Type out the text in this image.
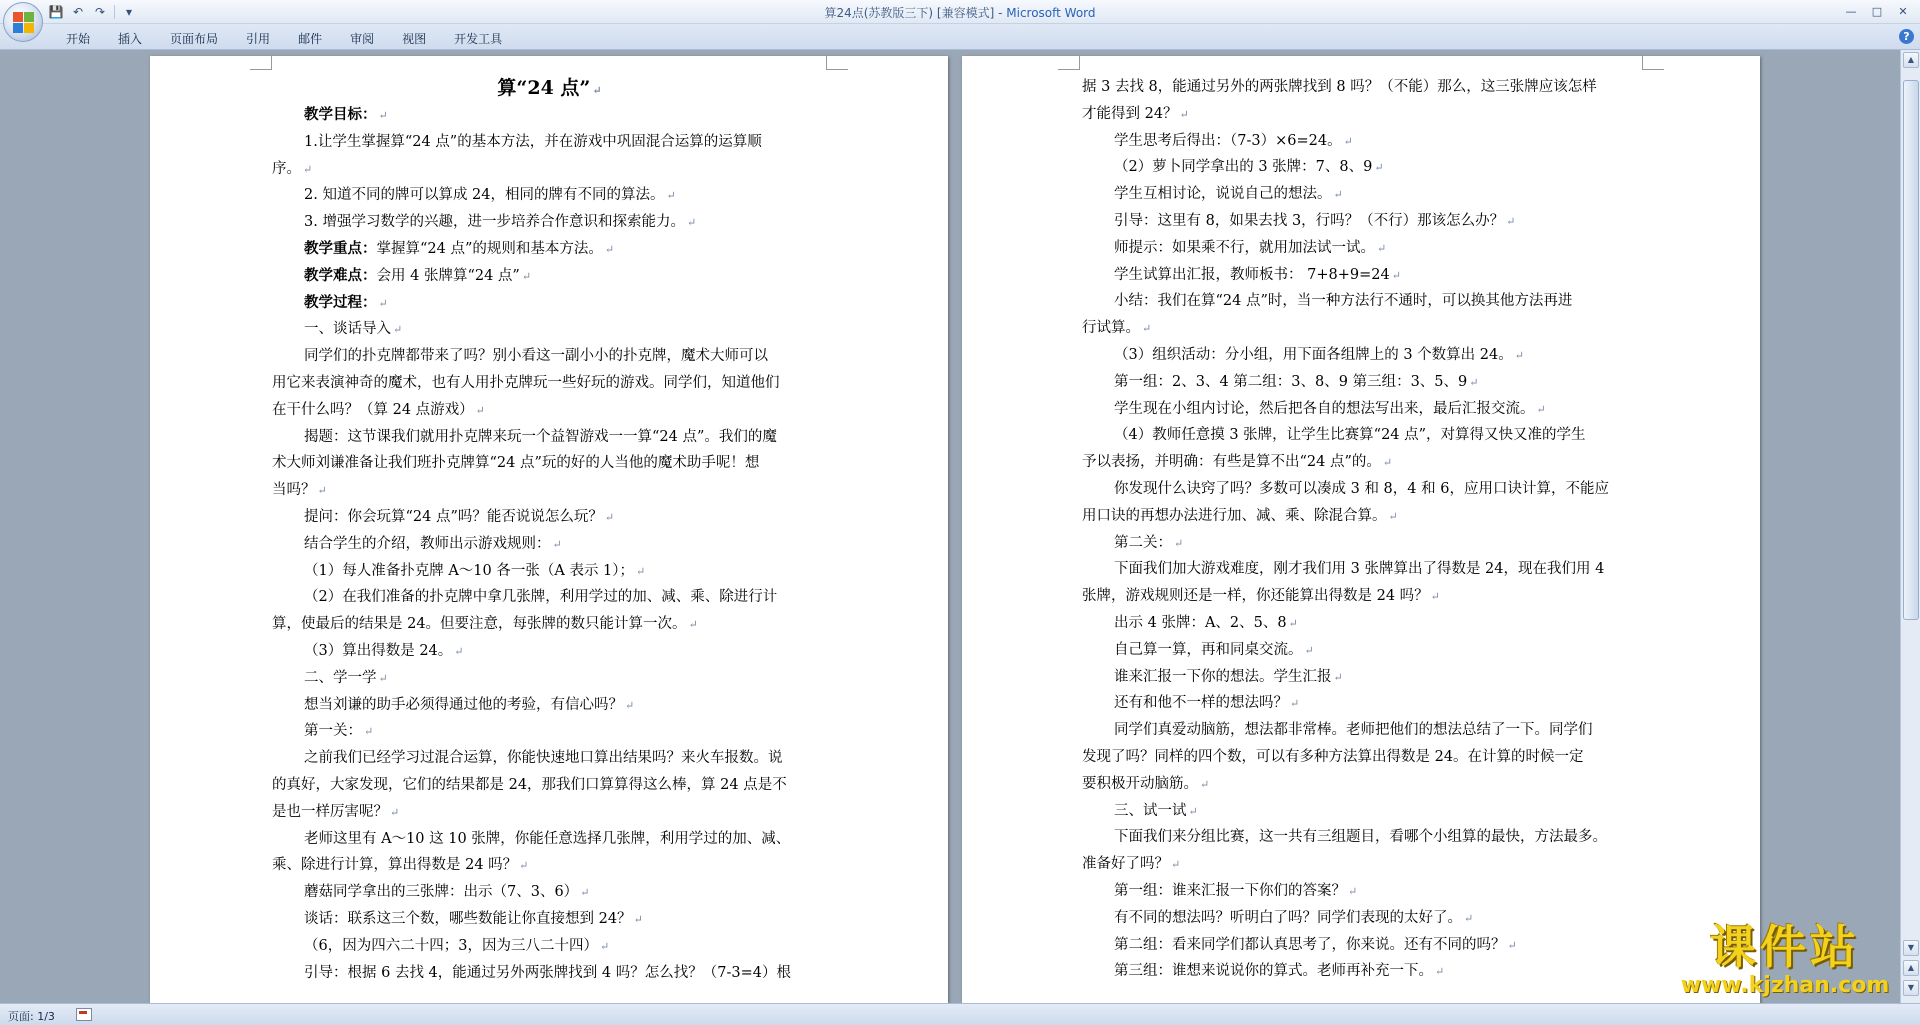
💾 ↶ ↷	▾	算24点(苏教版三下) [兼容模式] - Microsoft Word	—	□	✕
开始	插入	页面布局	引用	邮件	审阅	视图	开发工具	?
算“24 点” ↵
教学目标： ↵
1.让学生掌握算“24 点”的基本方法，并在游戏中巩固混合运算的运算顺
序。 ↵
2. 知道不同的牌可以算成 24，相同的牌有不同的算法。 ↵
3. 增强学习数学的兴趣，进一步培养合作意识和探索能力。 ↵
教学重点：掌握算“24 点”的规则和基本方法。 ↵
教学难点：会用 4 张牌算“24 点” ↵
教学过程： ↵
一、谈话导入 ↵
同学们的扑克牌都带来了吗？别小看这一副小小的扑克牌，魔术大师可以
用它来表演神奇的魔术，也有人用扑克牌玩一些好玩的游戏。同学们，知道他们
在干什么吗？（算 24 点游戏） ↵
揭题：这节课我们就用扑克牌来玩一个益智游戏一一算“24 点”。我们的魔
术大师刘谦准备让我们班扑克牌算“24 点”玩的好的人当他的魔术助手呢！想
当吗？ ↵
提问：你会玩算“24 点”吗？能否说说怎么玩？ ↵
结合学生的介绍，教师出示游戏规则： ↵
（1）每人准备扑克牌 A～10 各一张（A 表示 1）； ↵
（2）在我们准备的扑克牌中拿几张牌，利用学过的加、减、乘、除进行计
算，使最后的结果是 24。但要注意，每张牌的数只能计算一次。 ↵
（3）算出得数是 24。 ↵
二、学一学 ↵
想当刘谦的助手必须得通过他的考验，有信心吗？ ↵
第一关： ↵
之前我们已经学习过混合运算，你能快速地口算出结果吗？来火车报数。说
的真好，大家发现，它们的结果都是 24，那我们口算算得这么棒，算 24 点是不
是也一样厉害呢？ ↵
老师这里有 A～10 这 10 张牌，你能任意选择几张牌，利用学过的加、减、
乘、除进行计算，算出得数是 24 吗？ ↵
蘑菇同学拿出的三张牌：出示（7、3、6） ↵
谈话：联系这三个数，哪些数能让你直接想到 24？ ↵
（6，因为四六二十四；3，因为三八二十四） ↵
引导：根据 6 去找 4，能通过另外两张牌找到 4 吗？怎么找？（7-3=4）根
据 3 去找 8，能通过另外的两张牌找到 8 吗？（不能）那么，这三张牌应该怎样
才能得到 24？ ↵
学生思考后得出：（7-3）×6=24。 ↵
（2）萝卜同学拿出的 3 张牌：7、8、9 ↵
学生互相讨论，说说自己的想法。 ↵
引导：这里有 8，如果去找 3，行吗？（不行）那该怎么办？ ↵
师提示：如果乘不行，就用加法试一试。 ↵
学生试算出汇报，教师板书： 7+8+9=24 ↵
小结：我们在算“24 点”时，当一种方法行不通时，可以换其他方法再进
行试算。 ↵
（3）组织活动：分小组，用下面各组牌上的 3 个数算出 24。 ↵
第一组：2、3、4 第二组：3、8、9 第三组：3、5、9 ↵
学生现在小组内讨论，然后把各自的想法写出来，最后汇报交流。 ↵
（4）教师任意摸 3 张牌，让学生比赛算“24 点”，对算得又快又准的学生
予以表扬，并明确：有些是算不出“24 点”的。 ↵
你发现什么诀窍了吗？多数可以凑成 3 和 8，4 和 6，应用口诀计算，不能应
用口诀的再想办法进行加、减、乘、除混合算。 ↵
第二关： ↵
下面我们加大游戏难度，刚才我们用 3 张牌算出了得数是 24，现在我们用 4
张牌，游戏规则还是一样，你还能算出得数是 24 吗？ ↵
出示 4 张牌：A、2、5、8 ↵
自己算一算，再和同桌交流。 ↵
谁来汇报一下你的想法。学生汇报 ↵
还有和他不一样的想法吗？ ↵
同学们真爱动脑筋，想法都非常棒。老师把他们的想法总结了一下。同学们
发现了吗？同样的四个数，可以有多种方法算出得数是 24。在计算的时候一定
要积极开动脑筋。 ↵
三、试一试 ↵
下面我们来分组比赛，这一共有三组题目，看哪个小组算的最快，方法最多。
准备好了吗？ ↵
第一组：谁来汇报一下你们的答案？ ↵
有不同的想法吗？听明白了吗？同学们表现的太好了。 ↵
第二组：看来同学们都认真思考了，你来说。还有不同的吗？ ↵
第三组：谁想来说说你的算式。老师再补充一下。 ↵
▲
▼
▲
▼
页面: 1/3
课件站
www.kjzhan.com
